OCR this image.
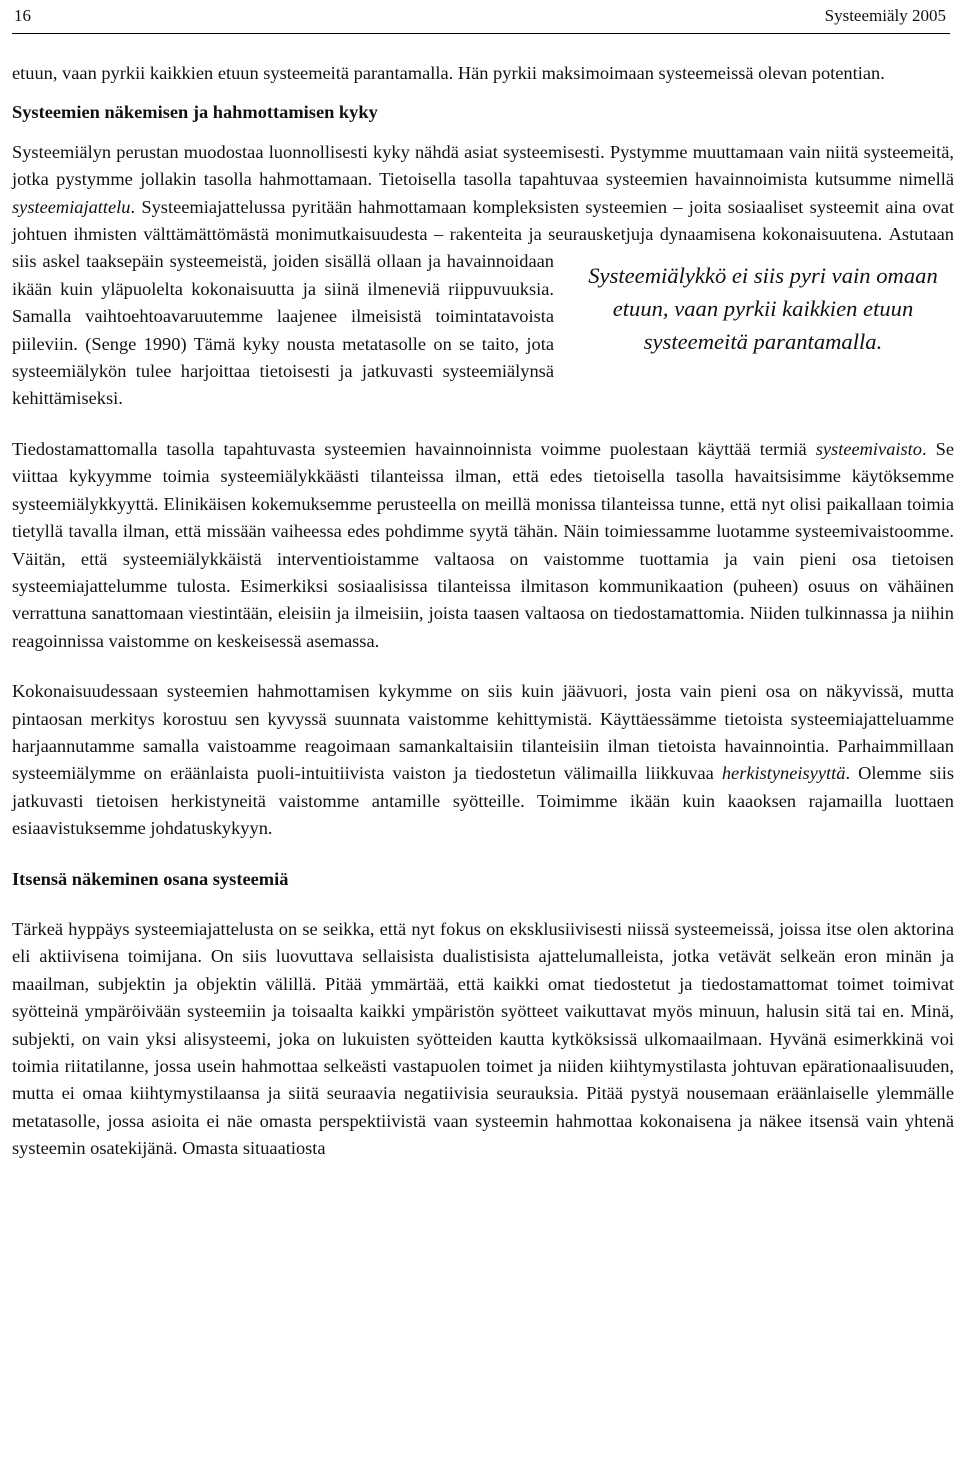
16	Systeemiäly 2005

etuun, vaan pyrkii kaikkien etuun systeemeitä parantamalla. Hän pyrkii maksimoimaan systeemeissä olevan potentian.

Systeemien näkemisen ja hahmottamisen kyky

Systeemiälyn perustan muodostaa luonnollisesti kyky nähdä asiat systeemisesti. Pystymme muuttamaan vain niitä systeemeitä, jotka pystymme jollakin tasolla hahmottamaan. Tietoisella tasolla tapahtuvaa systeemien havainnoimista kutsumme nimellä systeemiajattelu. Systeemiajattelussa pyritään hahmottamaan kompleksisten systeemien – joita sosiaaliset systeemit aina ovat johtuen ihmisten välttämättömästä monimutkaisuudesta – rakenteita ja seurausketjuja dynaamisena kokonaisuutena.
Systeemiälykkö ei siis pyri vain omaan etuun, vaan pyrkii kaikkien etuun systeemeitä parantamalla.
Astutaan siis askel taaksepäin systeemeistä, joiden sisällä ollaan ja havainnoidaan ikään kuin yläpuolelta kokonaisuutta ja siinä ilmeneviä riippuvuuksia. Samalla vaihtoehtoavaruutemme laajenee ilmeisistä toimintatavoista piileviin. (Senge 1990) Tämä kyky nousta metatasolle on se taito, jota systeemiälykön tulee harjoittaa tietoisesti ja jatkuvasti systeemiälynsä kehittämiseksi.

Tiedostamattomalla tasolla tapahtuvasta systeemien havainnoinnista voimme puolestaan käyttää termiä systeemivaisto. Se viittaa kykyymme toimia systeemiälykkäästi tilanteissa ilman, että edes tietoisella tasolla havaitsisimme käytöksemme systeemiälykkyyttä. Elinikäisen kokemuksemme perusteella on meillä monissa tilanteissa tunne, että nyt olisi paikallaan toimia tietyllä tavalla ilman, että missään vaiheessa edes pohdimme syytä tähän. Näin toimiessamme luotamme systeemivaistoomme. Väitän, että systeemiälykkäistä interventioistamme valtaosa on vaistomme tuottamia ja vain pieni osa tietoisen systeemiajattelumme tulosta. Esimerkiksi sosiaalisissa tilanteissa ilmitason kommunikaation (puheen) osuus on vähäinen verrattuna sanattomaan viestintään, eleisiin ja ilmeisiin, joista taasen valtaosa on tiedostamattomia. Niiden tulkinnassa ja niihin reagoinnissa vaistomme on keskeisessä asemassa.

Kokonaisuudessaan systeemien hahmottamisen kykymme on siis kuin jäävuori, josta vain pieni osa on näkyvissä, mutta pintaosan merkitys korostuu sen kyvyssä suunnata vaistomme kehittymistä. Käyttäessämme tietoista systeemiajatteluamme harjaannutamme samalla vaistoamme reagoimaan samankaltaisiin tilanteisiin ilman tietoista havainnointia. Parhaimmillaan systeemiälymme on eräänlaista puoli-intuitiivista vaiston ja tiedostetun välimailla liikkuvaa herkistyneisyyttä. Olemme siis jatkuvasti tietoisen herkistyneitä vaistomme antamille syötteille. Toimimme ikään kuin kaaoksen rajamailla luottaen esiaavistuksemme johdatuskykyyn.

Itsensä näkeminen osana systeemiä

Tärkeä hyppäys systeemiajattelusta on se seikka, että nyt fokus on eksklusiivisesti niissä systeemeissä, joissa itse olen aktorina eli aktiivisena toimijana. On siis luovuttava sellaisista dualistisista ajattelumalleista, jotka vetävät selkeän eron minän ja maailman, subjektin ja objektin välillä. Pitää ymmärtää, että kaikki omat tiedostetut ja tiedostamattomat toimet toimivat syötteinä ympäröivään systeemiin ja toisaalta kaikki ympäristön syötteet vaikuttavat myös minuun, halusin sitä tai en. Minä, subjekti, on vain yksi alisysteemi, joka on lukuisten syötteiden kautta kytköksissä ulkomaailmaan. Hyvänä esimerkkinä voi toimia riitatilanne, jossa usein hahmottaa selkeästi vastapuolen toimet ja niiden kiihtymystilasta johtuvan epärationaalisuuden, mutta ei omaa kiihtymystilaansa ja siitä seuraavia negatiivisia seurauksia. Pitää pystyä nousemaan eräänlaiselle ylemmälle metatasolle, jossa asioita ei näe omasta perspektiivistä vaan systeemin hahmottaa kokonaisena ja näkee itsensä vain yhtenä systeemin osatekijänä. Omasta situaatiosta
